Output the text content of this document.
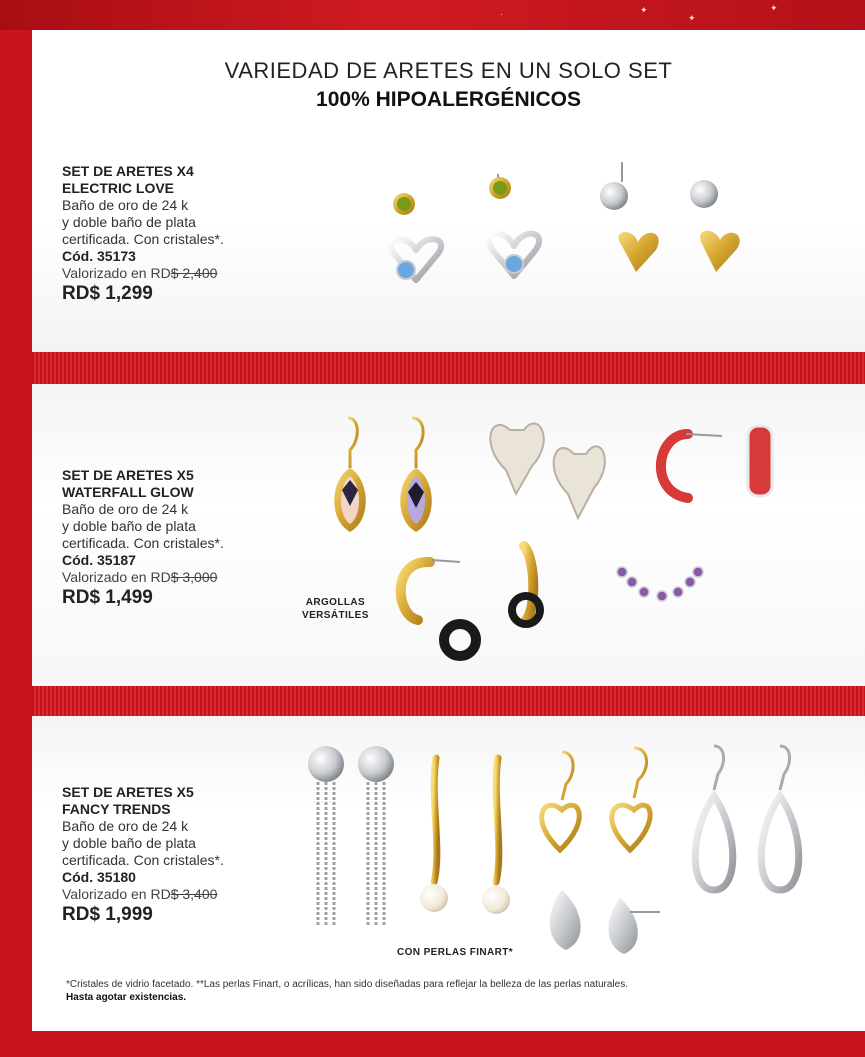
✦
✦
✦
·
VARIEDAD DE ARETES EN UN SOLO SET
100% HIPOALERGÉNICOS
SET DE ARETES X4
ELECTRIC LOVE
Baño de oro de 24 k
y doble baño de plata
certificada. Con cristales*.
Cód. 35173
Valorizado en RD$ 2,400
RD$ 1,299
SET DE ARETES X5
WATERFALL GLOW
Baño de oro de 24 k
y doble baño de plata
certificada. Con cristales*.
Cód. 35187
Valorizado en RD$ 3,000
RD$ 1,499
SET DE ARETES X5
FANCY TRENDS
Baño de oro de 24 k
y doble baño de plata
certificada. Con cristales*.
Cód. 35180
Valorizado en RD$ 3,400
RD$ 1,999
ARGOLLAS
VERSÁTILES
CON PERLAS FINART*
*Cristales de vidrio facetado. **Las perlas Finart, o acrílicas, han sido diseñadas para reflejar la belleza de las perlas naturales.
Hasta agotar existencias.
